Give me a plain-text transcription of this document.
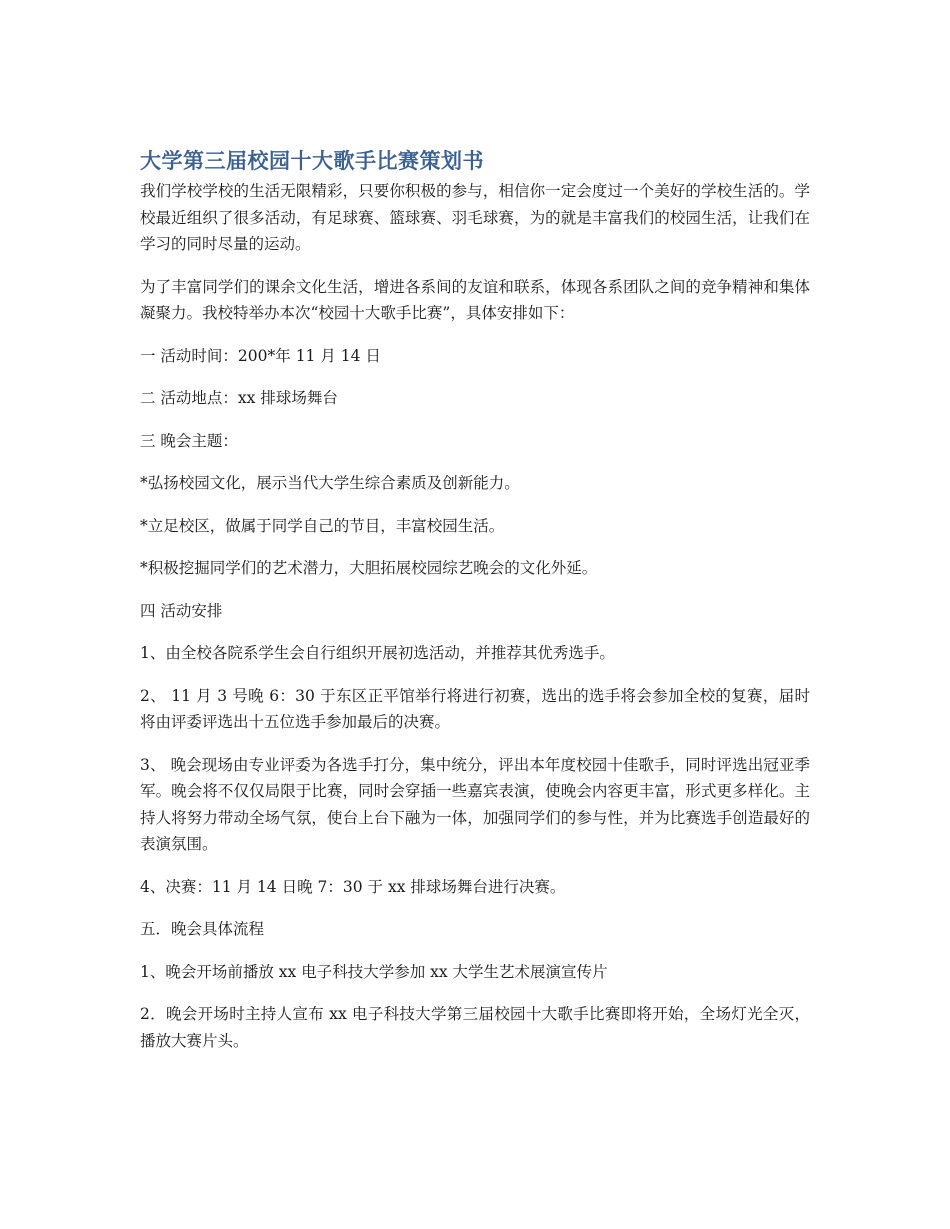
大学第三届校园十大歌手比赛策划书

我们学校学校的生活无限精彩，只要你积极的参与，相信你一定会度过一个美好的学校生活的。学校最近组织了很多活动，有足球赛、篮球赛、羽毛球赛，为的就是丰富我们的校园生活，让我们在学习的同时尽量的运动。

为了丰富同学们的课余文化生活，增进各系间的友谊和联系，体现各系团队之间的竞争精神和集体凝聚力。我校特举办本次“校园十大歌手比赛”，具体安排如下：

一 活动时间：200*年 11 月 14 日

二 活动地点：xx 排球场舞台

三 晚会主题：

*弘扬校园文化，展示当代大学生综合素质及创新能力。

*立足校区，做属于同学自己的节目，丰富校园生活。

*积极挖掘同学们的艺术潜力，大胆拓展校园综艺晚会的文化外延。

四 活动安排

1、由全校各院系学生会自行组织开展初选活动，并推荐其优秀选手。

2、 11 月 3 号晚 6：30 于东区正平馆举行将进行初赛，选出的选手将会参加全校的复赛，届时将由评委评选出十五位选手参加最后的决赛。

3、 晚会现场由专业评委为各选手打分，集中统分，评出本年度校园十佳歌手，同时评选出冠亚季军。晚会将不仅仅局限于比赛，同时会穿插一些嘉宾表演，使晚会内容更丰富，形式更多样化。主持人将努力带动全场气氛，使台上台下融为一体，加强同学们的参与性，并为比赛选手创造最好的表演氛围。

4、决赛：11 月 14 日晚 7：30 于 xx 排球场舞台进行决赛。

五．晚会具体流程

1、晚会开场前播放 xx 电子科技大学参加 xx 大学生艺术展演宣传片

2．晚会开场时主持人宣布 xx 电子科技大学第三届校园十大歌手比赛即将开始，全场灯光全灭，播放大赛片头。
